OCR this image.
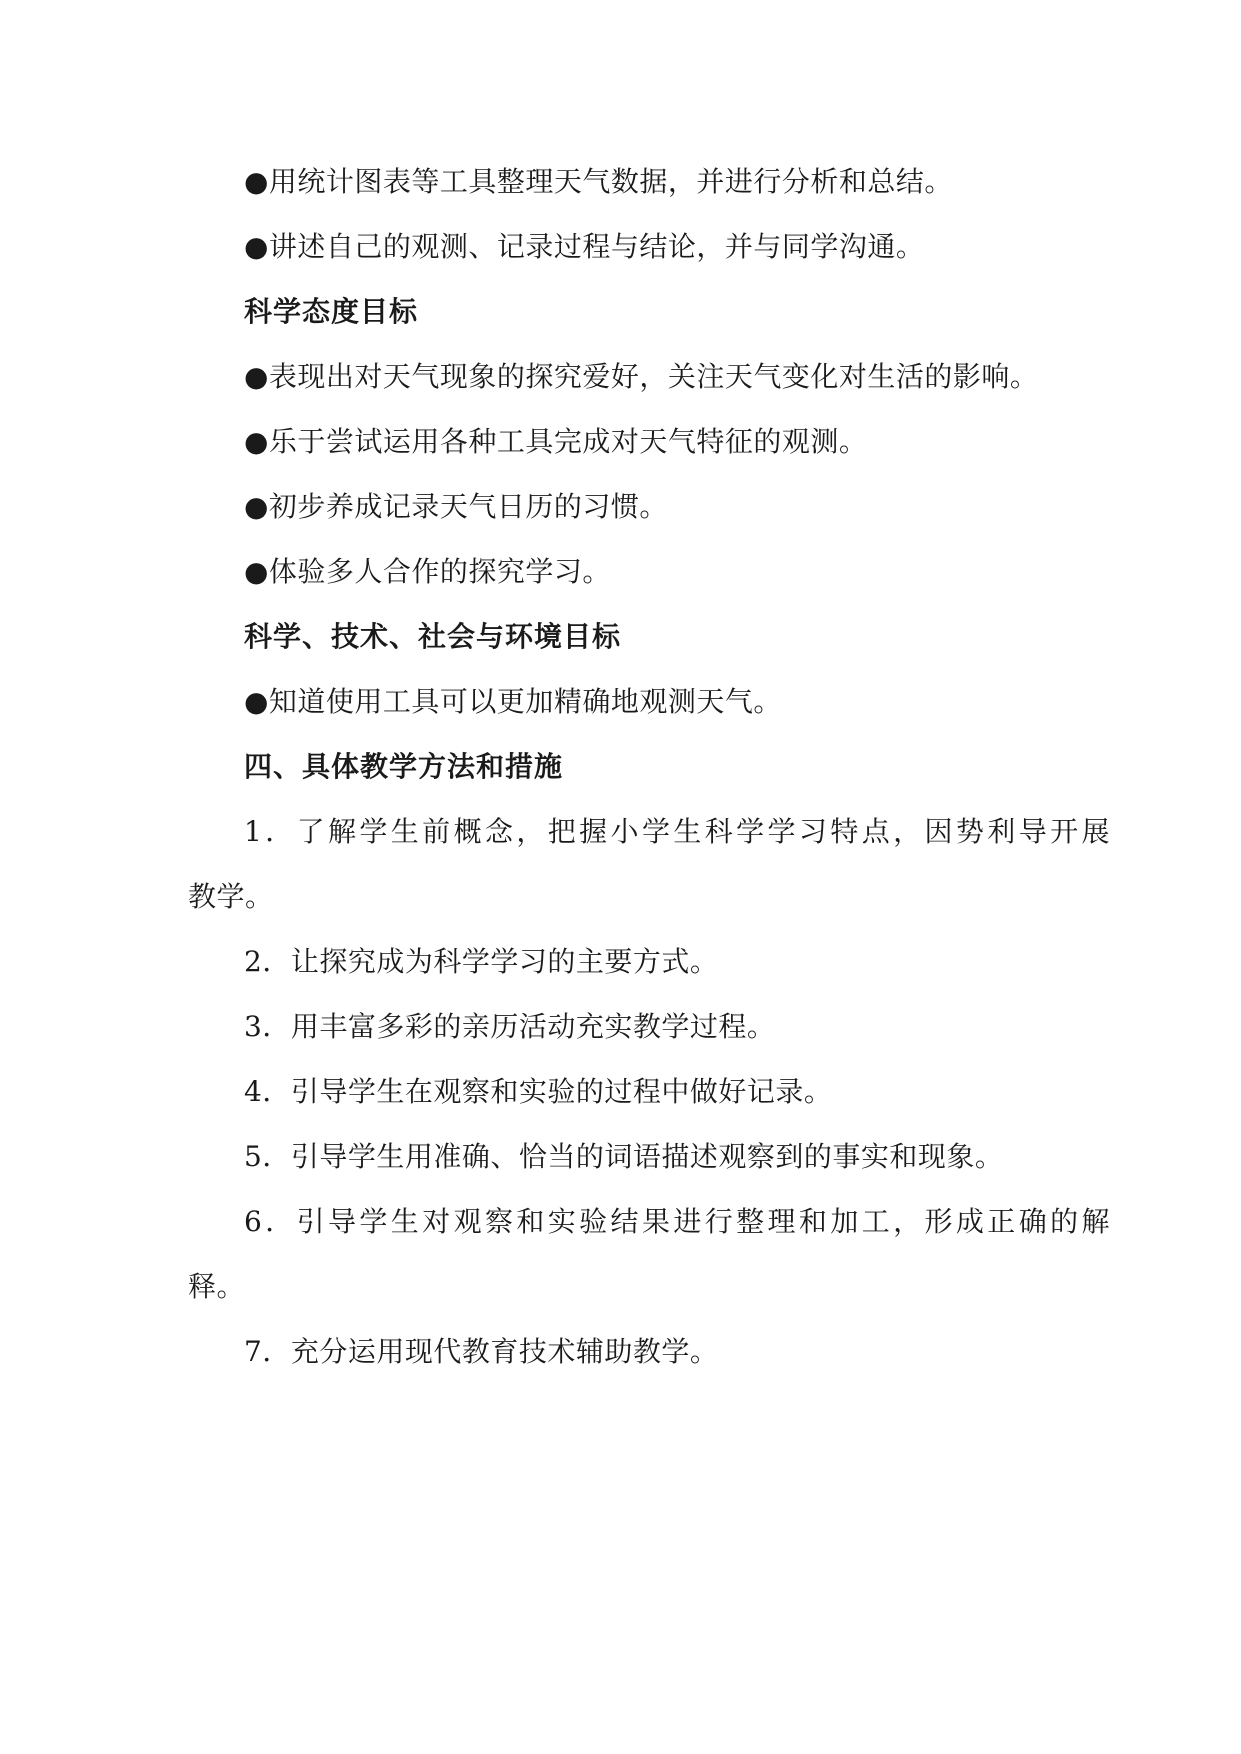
●用统计图表等工具整理天气数据，并进行分析和总结。
●讲述自己的观测、记录过程与结论，并与同学沟通。
科学态度目标
●表现出对天气现象的探究爱好，关注天气变化对生活的影响。
●乐于尝试运用各种工具完成对天气特征的观测。
●初步养成记录天气日历的习惯。
●体验多人合作的探究学习。
科学、技术、社会与环境目标
●知道使用工具可以更加精确地观测天气。
四、具体教学方法和措施
1．了解学生前概念，把握小学生科学学习特点，因势利导开展
教学。
2．让探究成为科学学习的主要方式。
3．用丰富多彩的亲历活动充实教学过程。
4．引导学生在观察和实验的过程中做好记录。
5．引导学生用准确、恰当的词语描述观察到的事实和现象。
6．引导学生对观察和实验结果进行整理和加工，形成正确的解
释。
7．充分运用现代教育技术辅助教学。
